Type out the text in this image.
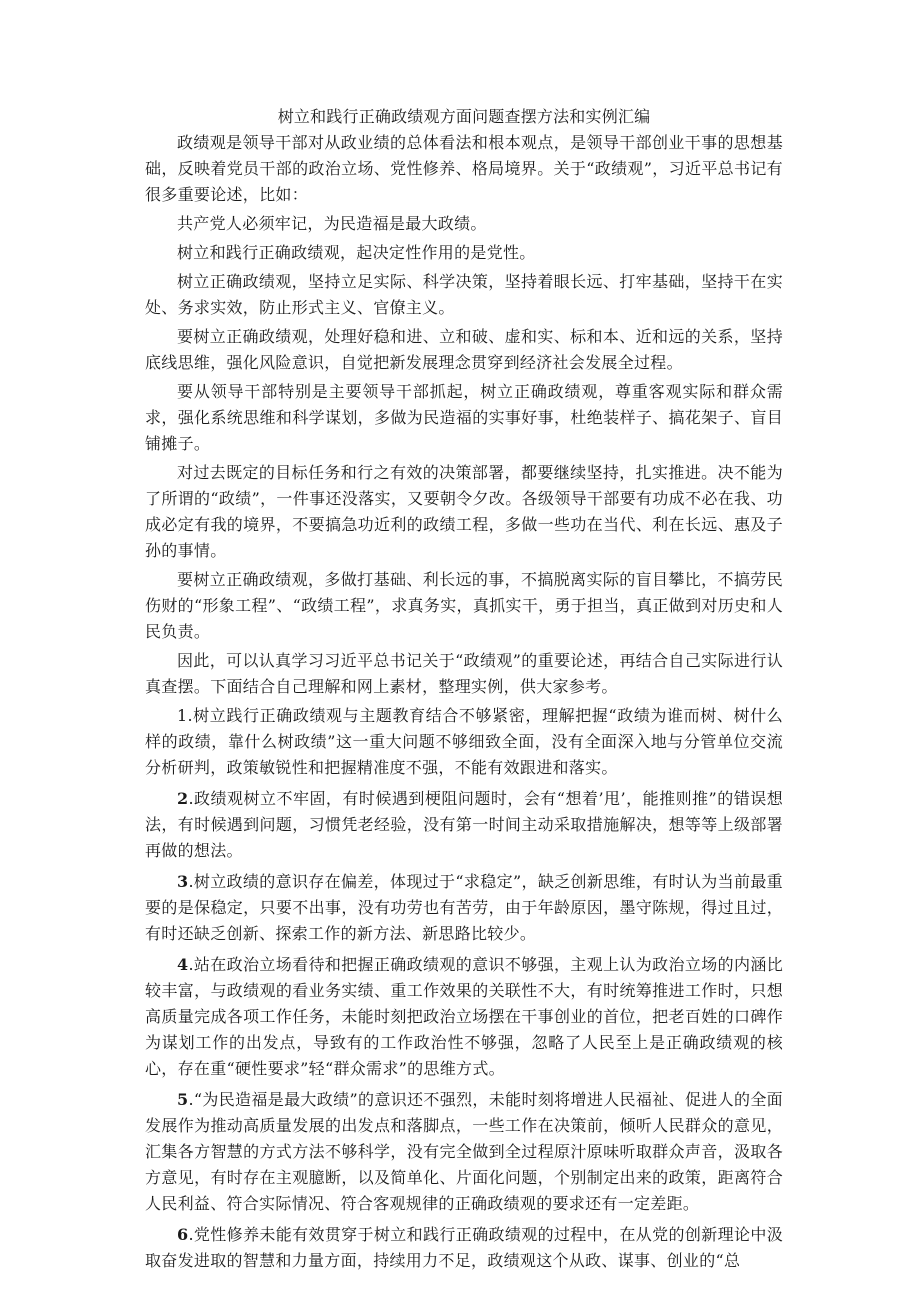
树立和践行正确政绩观方面问题查摆方法和实例汇编

政绩观是领导干部对从政业绩的总体看法和根本观点，是领导干部创业干事的思想基础，反映着党员干部的政治立场、党性修养、格局境界。关于“政绩观”，习近平总书记有很多重要论述，比如：

共产党人必须牢记，为民造福是最大政绩。

树立和践行正确政绩观，起决定性作用的是党性。

树立正确政绩观，坚持立足实际、科学决策，坚持着眼长远、打牢基础，坚持干在实处、务求实效，防止形式主义、官僚主义。

要树立正确政绩观，处理好稳和进、立和破、虚和实、标和本、近和远的关系，坚持底线思维，强化风险意识，自觉把新发展理念贯穿到经济社会发展全过程。

要从领导干部特别是主要领导干部抓起，树立正确政绩观，尊重客观实际和群众需求，强化系统思维和科学谋划，多做为民造福的实事好事，杜绝装样子、搞花架子、盲目铺摊子。

对过去既定的目标任务和行之有效的决策部署，都要继续坚持，扎实推进。决不能为了所谓的“政绩”，一件事还没落实，又要朝令夕改。各级领导干部要有功成不必在我、功成必定有我的境界，不要搞急功近利的政绩工程，多做一些功在当代、利在长远、惠及子孙的事情。

要树立正确政绩观，多做打基础、利长远的事，不搞脱离实际的盲目攀比，不搞劳民伤财的“形象工程”、“政绩工程”，求真务实，真抓实干，勇于担当，真正做到对历史和人民负责。

因此，可以认真学习习近平总书记关于“政绩观”的重要论述，再结合自己实际进行认真查摆。下面结合自己理解和网上素材，整理实例，供大家参考。

1.树立践行正确政绩观与主题教育结合不够紧密，理解把握“政绩为谁而树、树什么样的政绩，靠什么树政绩”这一重大问题不够细致全面，没有全面深入地与分管单位交流分析研判，政策敏锐性和把握精准度不强，不能有效跟进和落实。

2.政绩观树立不牢固，有时候遇到梗阻问题时，会有“想着’甩’，能推则推”的错误想法，有时候遇到问题，习惯凭老经验，没有第一时间主动采取措施解决，想等等上级部署再做的想法。

3.树立政绩的意识存在偏差，体现过于“求稳定”，缺乏创新思维，有时认为当前最重要的是保稳定，只要不出事，没有功劳也有苦劳，由于年龄原因，墨守陈规，得过且过，有时还缺乏创新、探索工作的新方法、新思路比较少。

4.站在政治立场看待和把握正确政绩观的意识不够强，主观上认为政治立场的内涵比较丰富，与政绩观的看业务实绩、重工作效果的关联性不大，有时统筹推进工作时，只想高质量完成各项工作任务，未能时刻把政治立场摆在干事创业的首位，把老百姓的口碑作为谋划工作的出发点，导致有的工作政治性不够强，忽略了人民至上是正确政绩观的核心，存在重“硬性要求”轻“群众需求”的思维方式。

5.“为民造福是最大政绩”的意识还不强烈，未能时刻将增进人民福祉、促进人的全面发展作为推动高质量发展的出发点和落脚点，一些工作在决策前，倾听人民群众的意见，汇集各方智慧的方式方法不够科学，没有完全做到全过程原汁原味听取群众声音，汲取各方意见，有时存在主观臆断，以及简单化、片面化问题，个别制定出来的政策，距离符合人民利益、符合实际情况、符合客观规律的正确政绩观的要求还有一定差距。

6.党性修养未能有效贯穿于树立和践行正确政绩观的过程中，在从党的创新理论中汲取奋发进取的智慧和力量方面，持续用力不足，政绩观这个从政、谋事、创业的“总
